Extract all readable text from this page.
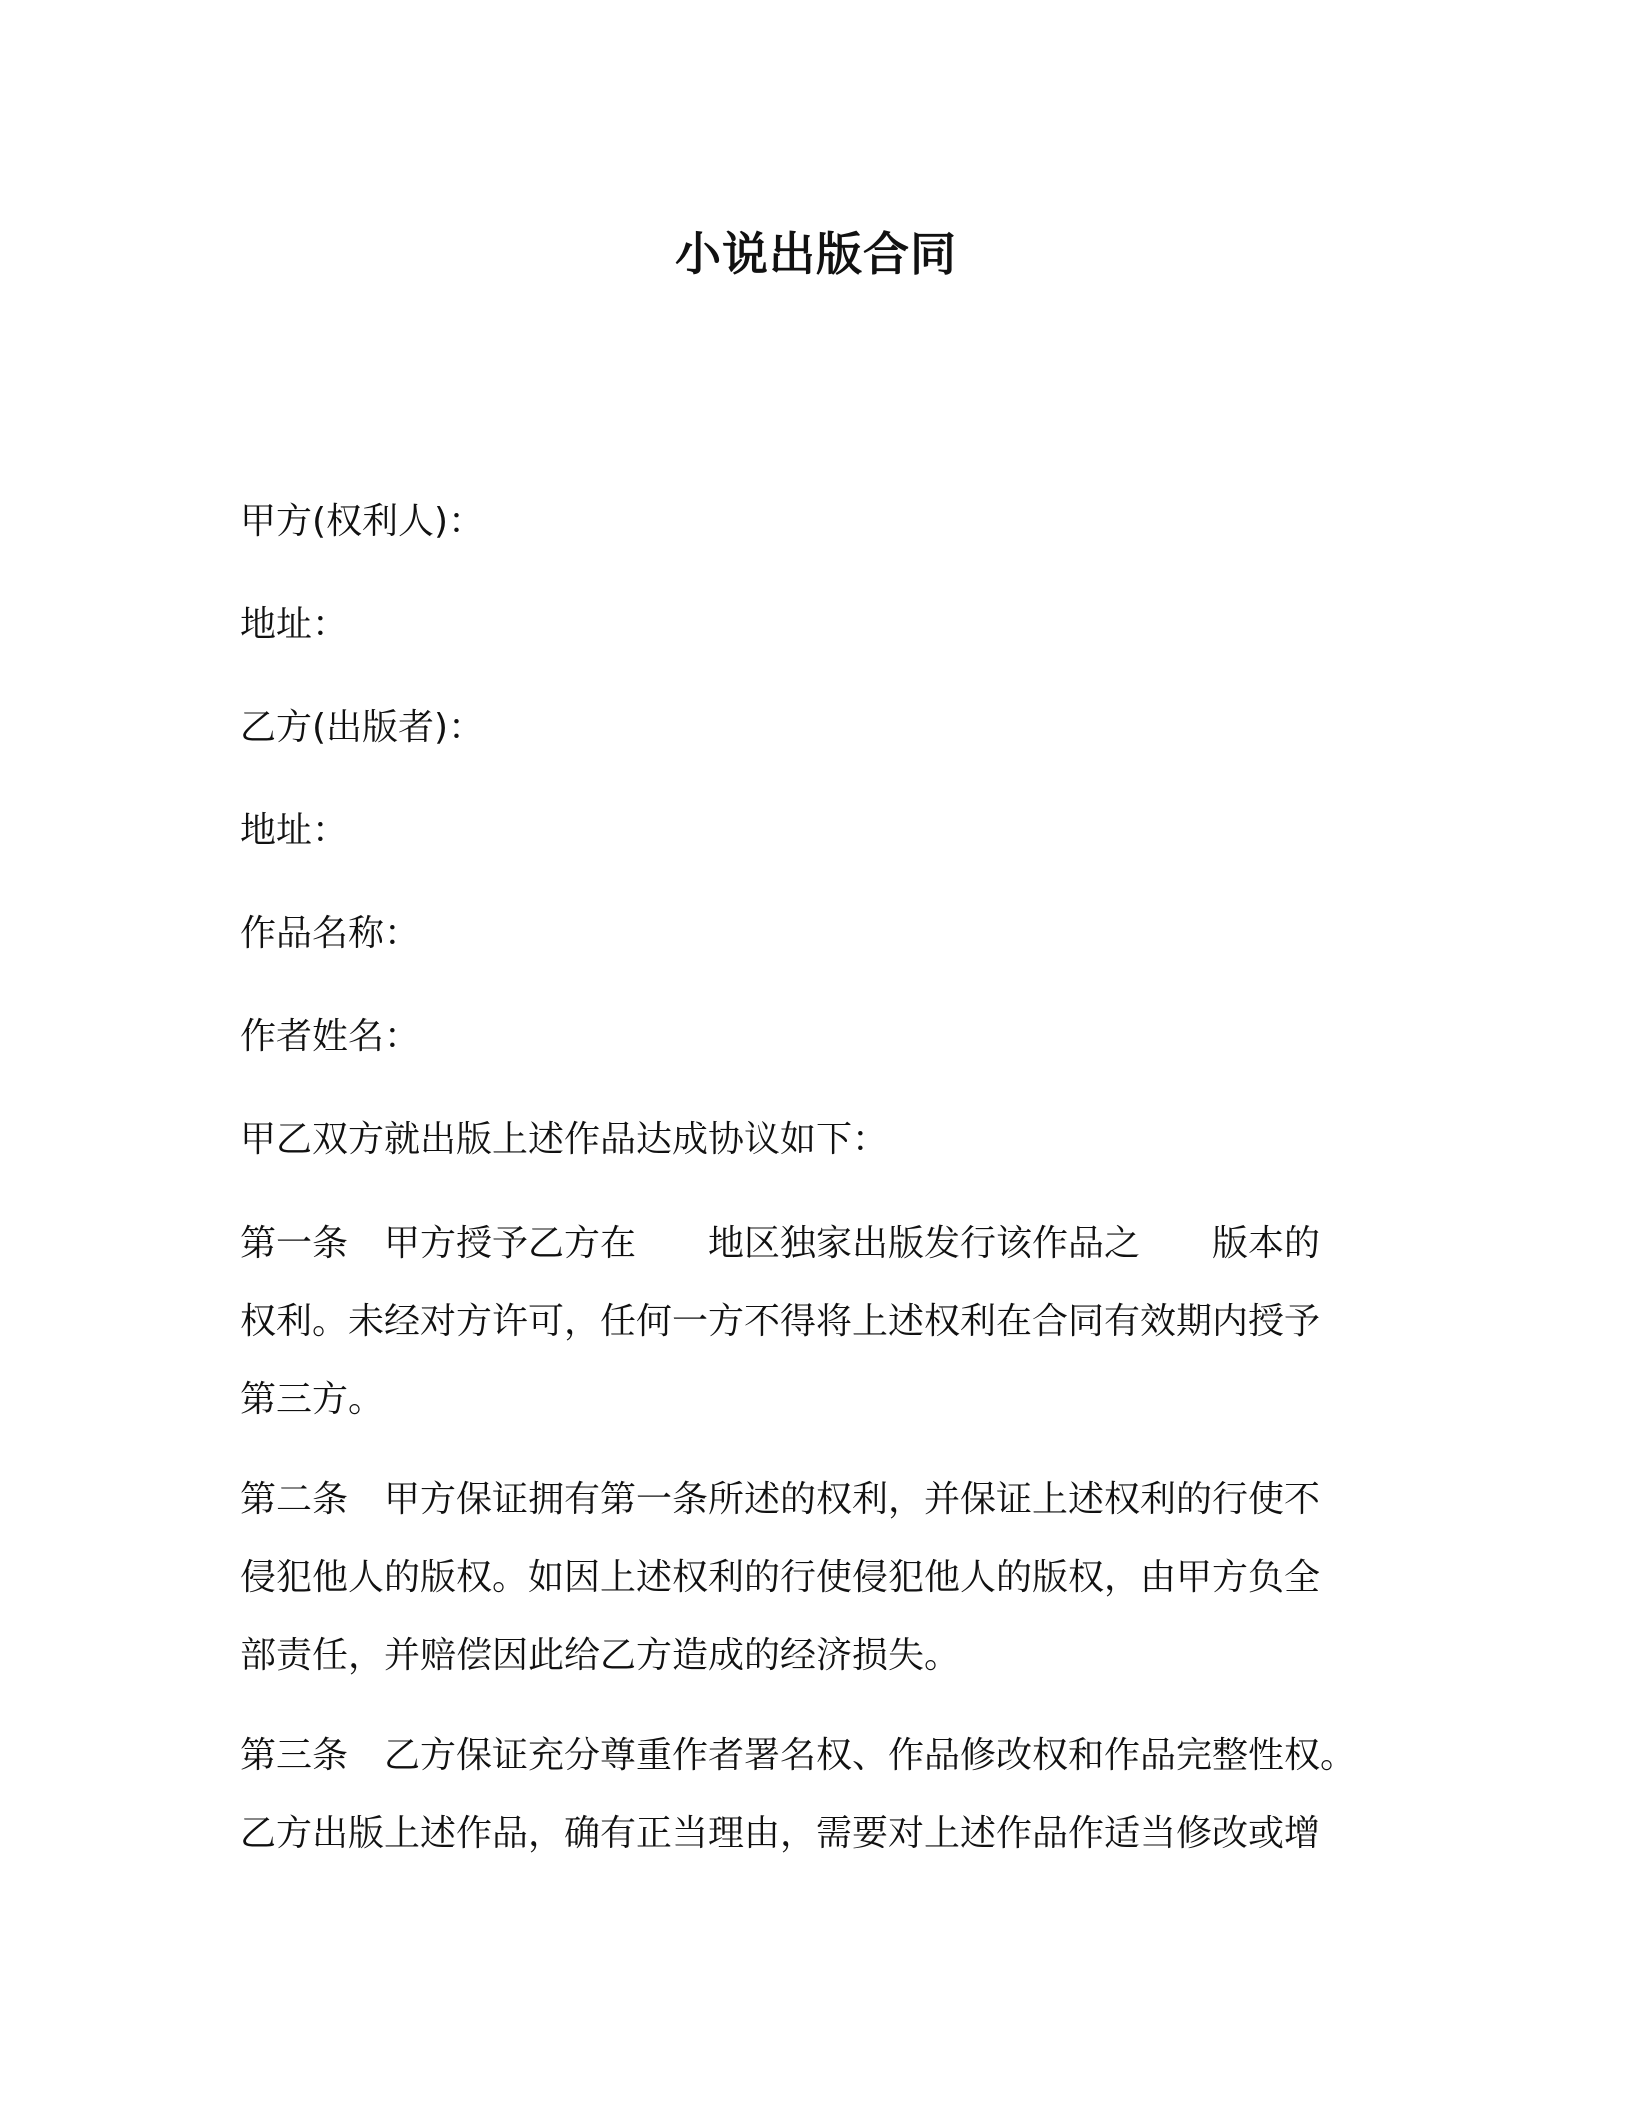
小说出版合同
甲方(权利人)：
地址：
乙方(出版者)：
地址：
作品名称：
作者姓名：
甲乙双方就出版上述作品达成协议如下：
第一条 甲方授予乙方在 地区独家出版发行该作品之 版本的
权利。未经对方许可，任何一方不得将上述权利在合同有效期内授予
第三方。
第二条 甲方保证拥有第一条所述的权利，并保证上述权利的行使不
侵犯他人的版权。如因上述权利的行使侵犯他人的版权，由甲方负全
部责任，并赔偿因此给乙方造成的经济损失。
第三条 乙方保证充分尊重作者署名权、作品修改权和作品完整性权。
乙方出版上述作品，确有正当理由，需要对上述作品作适当修改或增
